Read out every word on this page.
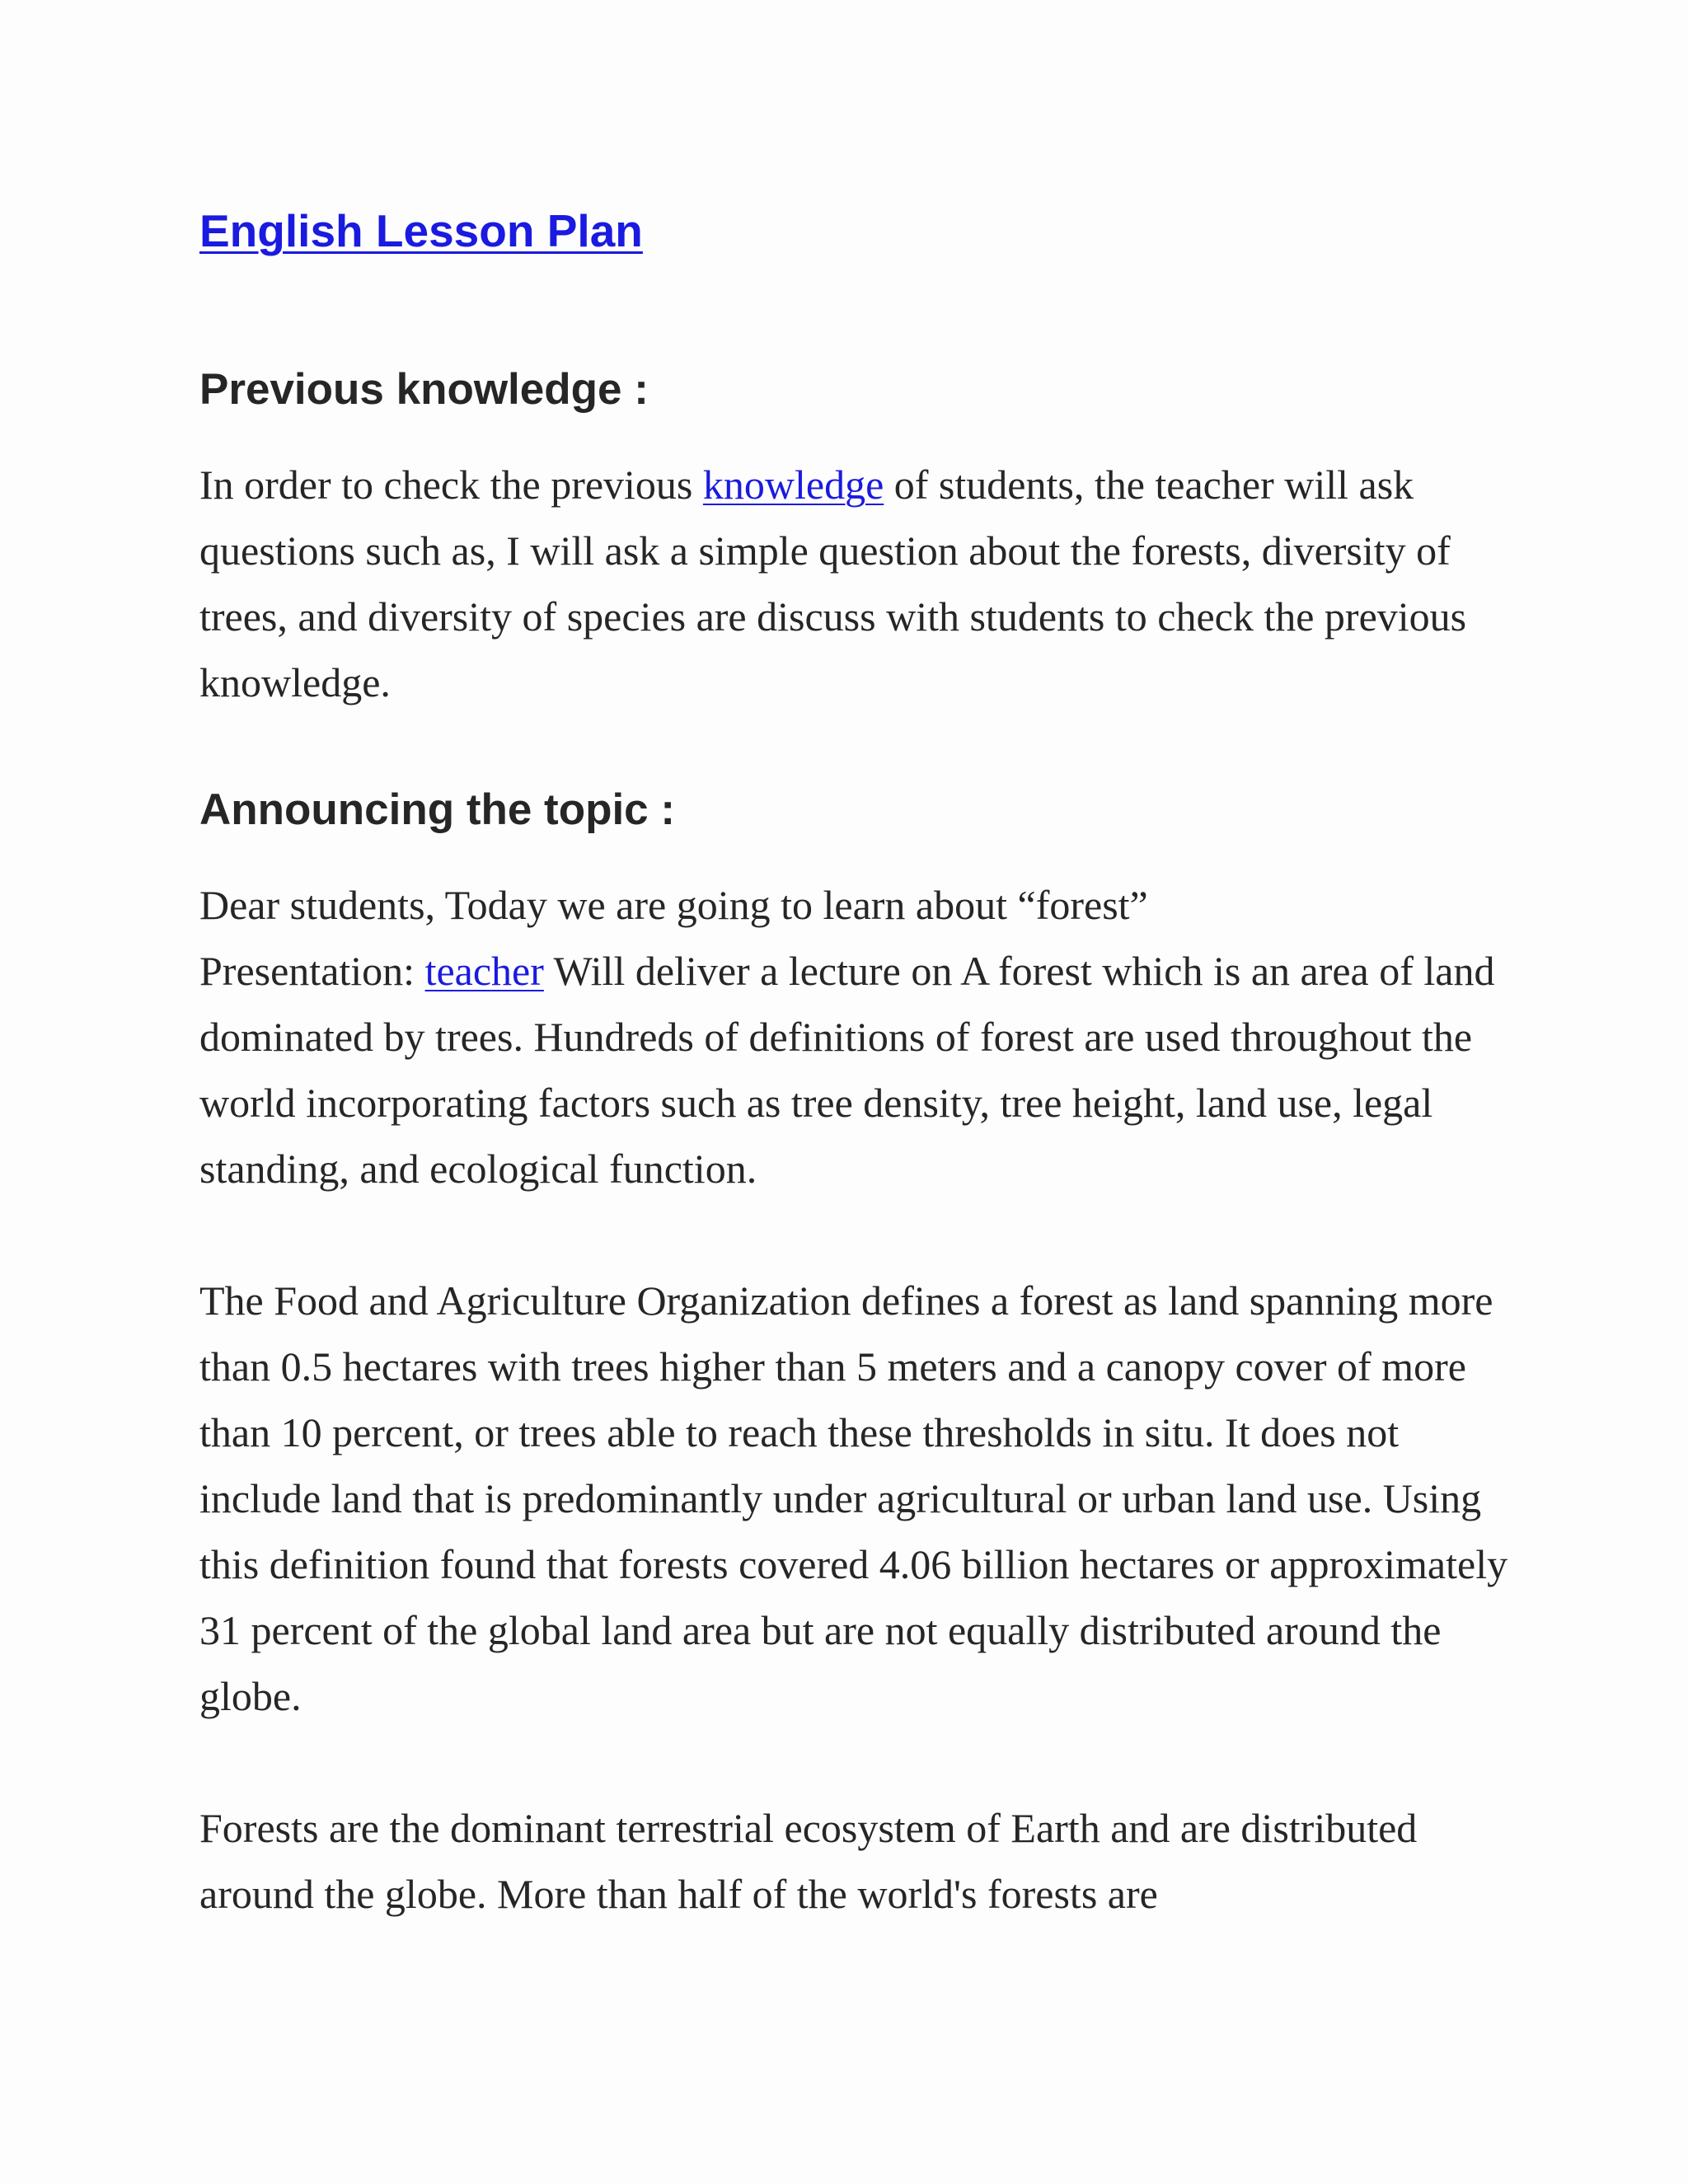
English Lesson Plan
Previous knowledge :

In order to check the previous knowledge of students, the teacher will ask questions such as, I will ask a simple question about the forests, diversity of trees, and diversity of species are discuss with students to check the previous knowledge.

Announcing the topic :

Dear students, Today we are going to learn about “forest”
Presentation: teacher Will deliver a lecture on A forest which is an area of land dominated by trees. Hundreds of definitions of forest are used throughout the world incorporating factors such as tree density, tree height, land use, legal standing, and ecological function.

The Food and Agriculture Organization defines a forest as land spanning more than 0.5 hectares with trees higher than 5 meters and a canopy cover of more than 10 percent, or trees able to reach these thresholds in situ. It does not include land that is predominantly under agricultural or urban land use. Using this definition found that forests covered 4.06 billion hectares or approximately 31 percent of the global land area but are not equally distributed around the globe.

Forests are the dominant terrestrial ecosystem of Earth and are distributed around the globe. More than half of the world's forests are
